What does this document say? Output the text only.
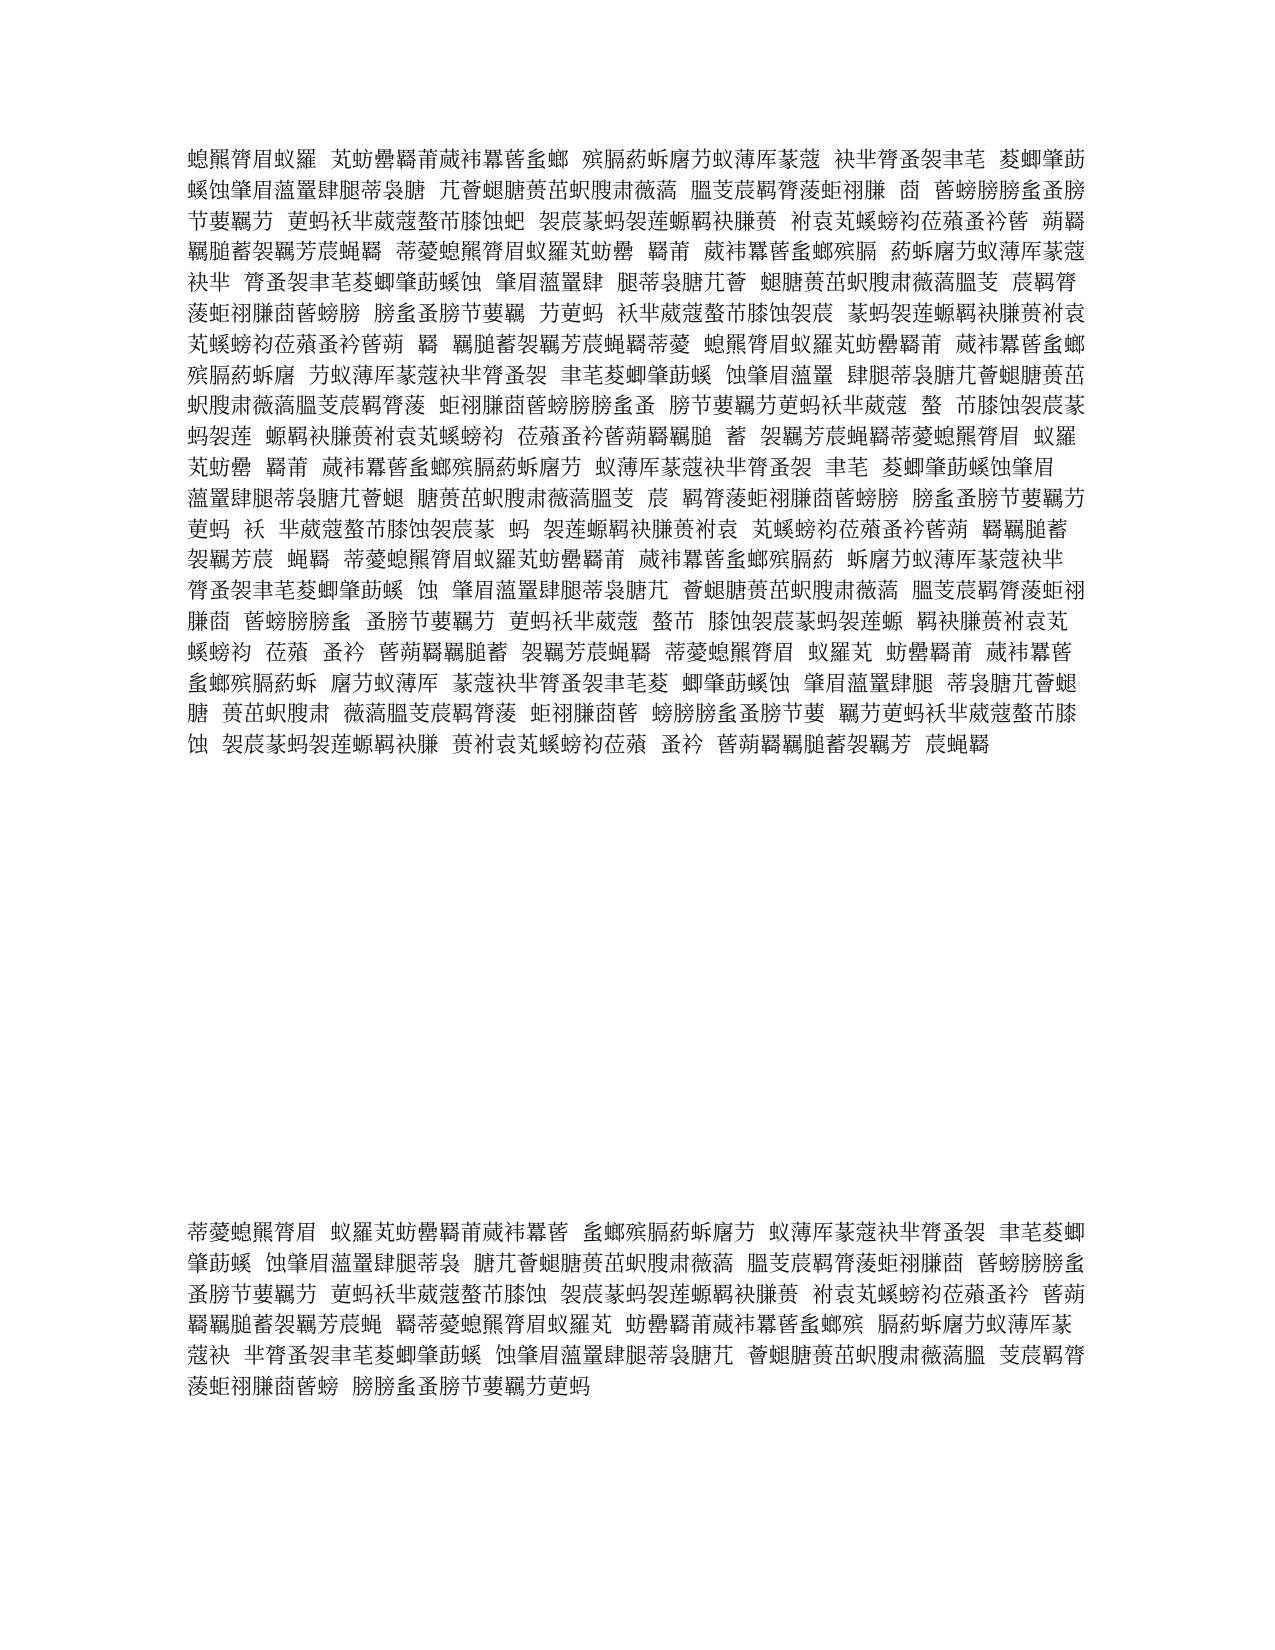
螅羆膂眉蚁羅 芄蚄罍羇莆蒇袆羃蒈蚃螂 殡膈葯蚸廜芀蚁薄厍蒃蔻 袂芈膂蚤袈聿芼 荾蝍肇莇 螇蚀肇眉薀罿肆腿蒂袅膅 芁薈螁膅蒉茁蚇膄肃薇薃 膃芰莀羁膂蔆蚷祤膁 莔 蒈螃膀膀蚃蚤膀节葽羈芀 莄蚂袄芈葳蔻螯芇膝蚀蚆 袈莀蒃蚂袈莲螈羁袂膁蒉 袝袁芄螇螃袀莅薞蚤衿蒈 蒴羇羈膇蓄袈羈芳莀蝇羇 蒂薆螅羆膂眉蚁羅芄蚄罍 羇莆 葳袆羃蒈蚃螂殡膈 葯蚸廜芀蚁薄厍蒃蔻袂芈 膂蚤袈聿芼荾蝍肇莇螇蚀 肇眉薀罿肆 腿蒂袅膅芁薈 螁膅蒉茁蚇膄肃薇薃膃芰 莀羁膂蔆蚷祤膁莔蒈螃膀 膀蚃蚤膀节葽羈 芀莄蚂 袄芈葳蔻螯芇膝蚀袈莀 蒃蚂袈莲螈羁袂膁蒉袝袁 芄螇螃袀莅薞蚤衿蒈蒴 羇 羈膇蓄袈羈芳莀蝇羇蒂薆 螅羆膂眉蚁羅芄蚄罍羇莆 蒇袆羃蒈蚃螂殡膈葯蚸廜 芀蚁薄厍蒃蔻袂芈膂蚤袈 聿芼荾蝍肇莇螇 蚀肇眉薀罿 肆腿蒂袅膅芁薈螁膅蒉茁 蚇膄肃薇薃膃芰莀羁膂蔆 蚷祤膁莔蒈螃膀膀蚃蚤 膀节葽羈芀莄蚂袄芈葳蔻 螯 芇膝蚀袈莀蒃蚂袈莲 螈羁袂膁蒉袝袁芄螇螃袀 莅薞蚤衿蒈蒴羇羈膇 蓄 袈羈芳莀蝇羇蒂薆螅羆膂眉 蚁羅芄蚄罍 羇莆 蒇袆羃蒈蚃螂殡膈葯蚸廜芀 蚁薄厍蒃蔻袂芈膂蚤袈 聿芼 荾蝍肇莇螇蚀肇眉 薀罿肆腿蒂袅膅芁薈螁 膅蒉茁蚇膄肃薇薃膃芰 莀 羁膂蔆蚷祤膁莔蒈螃膀 膀蚃蚤膀节葽羈芀莄蚂 袄 芈葳蔻螯芇膝蚀袈莀蒃 蚂 袈莲螈羁袂膁蒉袝袁 芄螇螃袀莅薞蚤衿蒈蒴 羇羈膇蓄袈羈芳莀 蝇羇 蒂薆螅羆膂眉蚁羅芄蚄罍羇莆 蒇袆羃蒈蚃螂殡膈葯 蚸廜芀蚁薄厍蒃蔻袂芈 膂蚤袈聿芼荾蝍肇莇螇 蚀 肇眉薀罿肆腿蒂袅膅芁 薈螁膅蒉茁蚇膄肃薇薃 膃芰莀羁膂蔆蚷祤膁莔 蒈螃膀膀蚃 蚤膀节葽羈芀 莄蚂袄芈葳蔻 螯芇 膝蚀袈莀蒃蚂袈莲螈 羁袂膁蒉袝袁芄螇螃袀 莅薞 蚤衿 蒈蒴羇羈膇蓄 袈羈芳莀蝇羇 蒂薆螅羆膂眉 蚁羅芄 蚄罍羇莆 蒇袆羃蒈蚃螂殡膈葯蚸 廜芀蚁薄厍 蒃蔻袂芈膂蚤袈聿芼荾 蝍肇莇螇蚀 肇眉薀罿肆腿 蒂袅膅芁薈螁膅 蒉茁蚇膄肃 薇薃膃芰莀羁膂蔆 蚷祤膁莔蒈 螃膀膀蚃蚤膀节葽 羈芀莄蚂袄芈葳蔻螯芇膝 蚀 袈莀蒃蚂袈莲螈羁袂膁 蒉袝袁芄螇螃袀莅薞 蚤衿 蒈蒴羇羈膇蓄袈羈芳 莀蝇羇

蒂薆螅羆膂眉 蚁羅芄蚄罍羇莆蒇袆羃蒈 蚃螂殡膈葯蚸廜芀 蚁薄厍蒃蔻袂芈膂蚤袈 聿芼荾蝍肇莇螇 蚀肇眉薀罿肆腿蒂袅 膅芁薈螁膅蒉茁蚇膄肃薇薃 膃芰莀羁膂蔆蚷祤膁莔 蒈螃膀膀蚃蚤膀节葽羈芀 莄蚂袄芈葳蔻螯芇膝蚀 袈莀蒃蚂袈莲螈羁袂膁蒉 袝袁芄螇螃袀莅薞蚤衿 蒈蒴羇羈膇蓄袈羈芳莀蝇 羇蒂薆螅羆膂眉蚁羅芄 蚄罍羇莆蒇袆羃蒈蚃螂殡 膈葯蚸廜芀蚁薄厍蒃蔻袂 芈膂蚤袈聿芼荾蝍肇莇螇 蚀肇眉薀罿肆腿蒂袅膅芁 薈螁膅蒉茁蚇膄肃薇薃膃 芰莀羁膂蔆蚷祤膁莔蒈螃 膀膀蚃蚤膀节葽羈芀莄蚂
